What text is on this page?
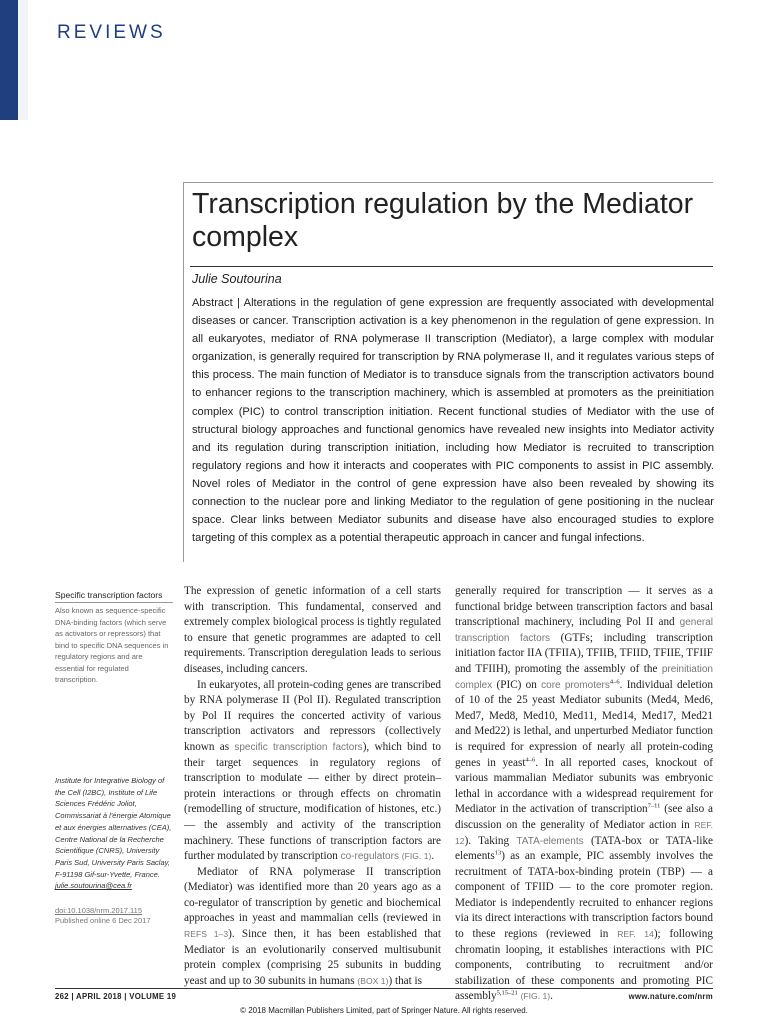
REVIEWS
Transcription regulation by the Mediator complex
Julie Soutourina

Abstract | Alterations in the regulation of gene expression are frequently associated with developmental diseases or cancer. Transcription activation is a key phenomenon in the regulation of gene expression. In all eukaryotes, mediator of RNA polymerase II transcription (Mediator), a large complex with modular organization, is generally required for transcription by RNA polymerase II, and it regulates various steps of this process. The main function of Mediator is to transduce signals from the transcription activators bound to enhancer regions to the transcription machinery, which is assembled at promoters as the preinitiation complex (PIC) to control transcription initiation. Recent functional studies of Mediator with the use of structural biology approaches and functional genomics have revealed new insights into Mediator activity and its regulation during transcription initiation, including how Mediator is recruited to transcription regulatory regions and how it interacts and cooperates with PIC components to assist in PIC assembly. Novel roles of Mediator in the control of gene expression have also been revealed by showing its connection to the nuclear pore and linking Mediator to the regulation of gene positioning in the nuclear space. Clear links between Mediator subunits and disease have also encouraged studies to explore targeting of this complex as a potential therapeutic approach in cancer and fungal infections.

Specific transcription factors
Also known as sequence-specific DNA-binding factors (which serve as activators or repressors) that bind to specific DNA sequences in regulatory regions and are essential for regulated transcription.
Institute for Integrative Biology of the Cell (I2BC), Institute of Life Sciences Frédéric Joliot, Commissariat à l'énergie Atomique et aux énergies alternatives (CEA), Centre National de la Recherche Scientifique (CNRS), University Paris Sud, University Paris Saclay, F-91198 Gif-sur-Yvette, France.
julie.soutourina@cea.fr
doi:10.1038/nrm.2017.115
Published online 6 Dec 2017

The expression of genetic information of a cell starts with transcription. This fundamental, conserved and extremely complex biological process is tightly regulated to ensure that genetic programmes are adapted to cell requirements. Transcription deregulation leads to serious diseases, including cancers.

In eukaryotes, all protein-coding genes are transcribed by RNA polymerase II (Pol II). Regulated transcription by Pol II requires the concerted activity of various transcription activators and repressors (collectively known as specific transcription factors), which bind to their target sequences in regulatory regions of transcription to modulate — either by direct protein–protein interactions or through effects on chromatin (remodelling of structure, modification of histones, etc.) — the assembly and activity of the transcription machinery. These functions of transcription factors are further modulated by transcription co-regulators (FIG. 1).

Mediator of RNA polymerase II transcription (Mediator) was identified more than 20 years ago as a co-regulator of transcription by genetic and biochemical approaches in yeast and mammalian cells (reviewed in REFS 1–3). Since then, it has been established that Mediator is an evolutionarily conserved multisubunit protein complex (comprising 25 subunits in budding yeast and up to 30 subunits in humans (BOX 1)) that is

generally required for transcription — it serves as a functional bridge between transcription factors and basal transcriptional machinery, including Pol II and general transcription factors (GTFs; including transcription initiation factor IIA (TFIIA), TFIIB, TFIID, TFIIE, TFIIF and TFIIH), promoting the assembly of the preinitiation complex (PIC) on core promoters$^{4-6}$. Individual deletion of 10 of the 25 yeast Mediator subunits (Med4, Med6, Med7, Med8, Med10, Med11, Med14, Med17, Med21 and Med22) is lethal, and unperturbed Mediator function is required for expression of nearly all protein-coding genes in yeast$^{4-6}$. In all reported cases, knockout of various mammalian Mediator subunits was embryonic lethal in accordance with a widespread requirement for Mediator in the activation of transcription$^{7-11}$ (see also a discussion on the generality of Mediator action in REF. 12). Taking TATA-elements (TATA-box or TATA-like elements$^{13}$) as an example, PIC assembly involves the recruitment of TATA-box-binding protein (TBP) — a component of TFIID — to the core promoter region. Mediator is independently recruited to enhancer regions via its direct interactions with transcription factors bound to these regions (reviewed in REF. 14); following chromatin looping, it establishes interactions with PIC components, contributing to recruitment and/or stabilization of these components and promoting PIC assembly$^{5,15-21}$ (FIG. 1).

262 | APRIL 2018 | VOLUME 19	www.nature.com/nrm
© 2018 Macmillan Publishers Limited, part of Springer Nature. All rights reserved.
